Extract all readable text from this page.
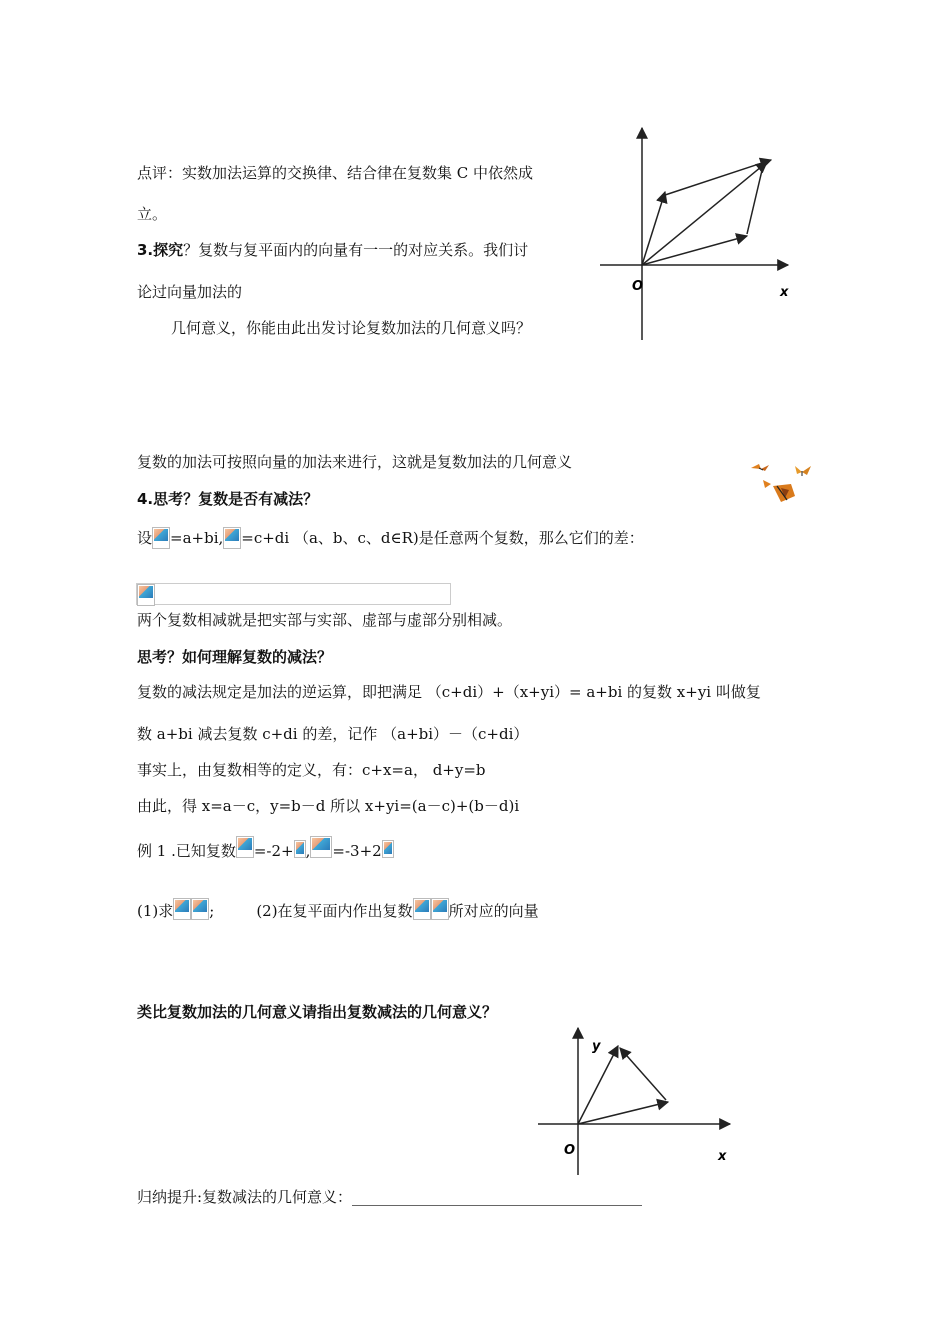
点评：实数加法运算的交换律、结合律在复数集 C 中依然成
立。
3.探究？复数与复平面内的向量有一一的对应关系。我们讨
论过向量加法的
几何意义，你能由此出发讨论复数加法的几何意义吗？
复数的加法可按照向量的加法来进行，这就是复数加法的几何意义
4.思考？复数是否有减法？
设 =a+bi, =c+di （a、b、c、d∈R)是任意两个复数，那么它们的差：
两个复数相减就是把实部与实部、虚部与虚部分别相减。
思考？如何理解复数的减法？
复数的减法规定是加法的逆运算，即把满足 （c+di）+（x+yi）= a+bi 的复数 x+yi 叫做复
数 a+bi 减去复数 c+di 的差，记作 （a+bi）－（c+di）
事实上，由复数相等的定义，有：c+x=a， d+y=b
由此，得 x=a－c，y=b－d 所以 x+yi=(a－c)+(b－d)i
例 1 .已知复数 =-2+ , =-3+2
(1)求 ;	(2)在复平面内作出复数 所对应的向量
类比复数加法的几何意义请指出复数减法的几何意义？
归纳提升:复数减法的几何意义：
O	x
O	x
y
